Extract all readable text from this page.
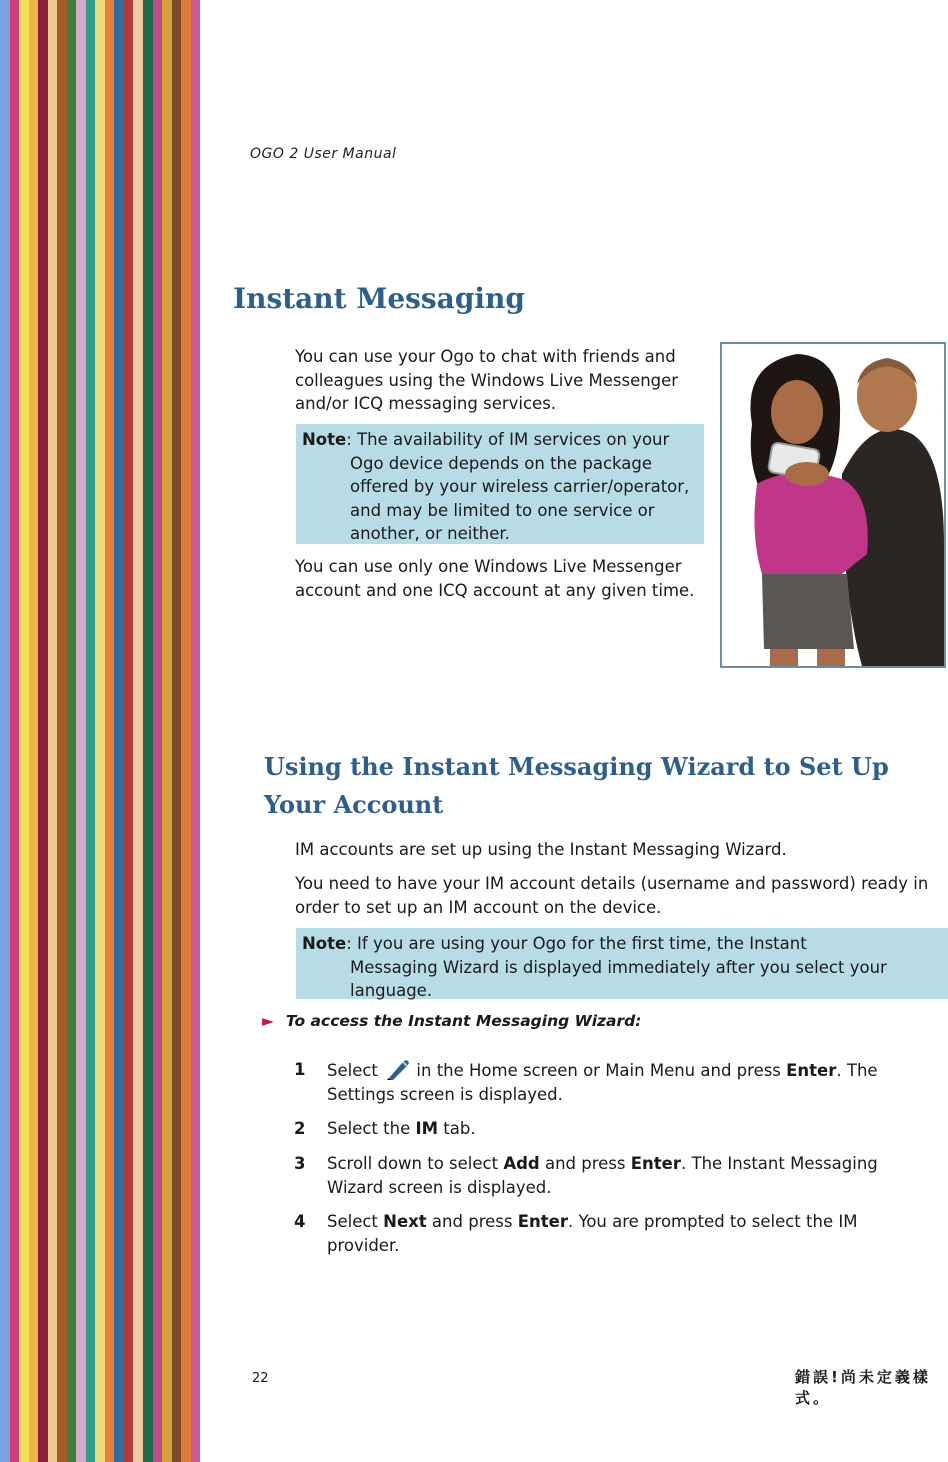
OGO 2 User Manual
Instant Messaging

You can use your Ogo to chat with friends and colleagues using the Windows Live Messenger and/or ICQ messaging services.

Note: The availability of IM services on your
Ogo device depends on the package offered by your wireless carrier/operator, and may be limited to one service or another, or neither.

You can use only one Windows Live Messenger account and one ICQ account at any given time.

Using the Instant Messaging Wizard to Set Up Your Account

IM accounts are set up using the Instant Messaging Wizard.

You need to have your IM account details (username and password) ready in order to set up an IM account on the device.

Note: If you are using your Ogo for the first time, the Instant
Messaging Wizard is displayed immediately after you select your language.
► To access the Instant Messaging Wizard:
1 Select  in the Home screen or Main Menu and press Enter. The Settings screen is displayed.
2 Select the IM tab.
3 Scroll down to select Add and press Enter. The Instant Messaging Wizard screen is displayed.
4 Select Next and press Enter. You are prompted to select the IM provider.
22	錯誤!尚未定義樣式。
